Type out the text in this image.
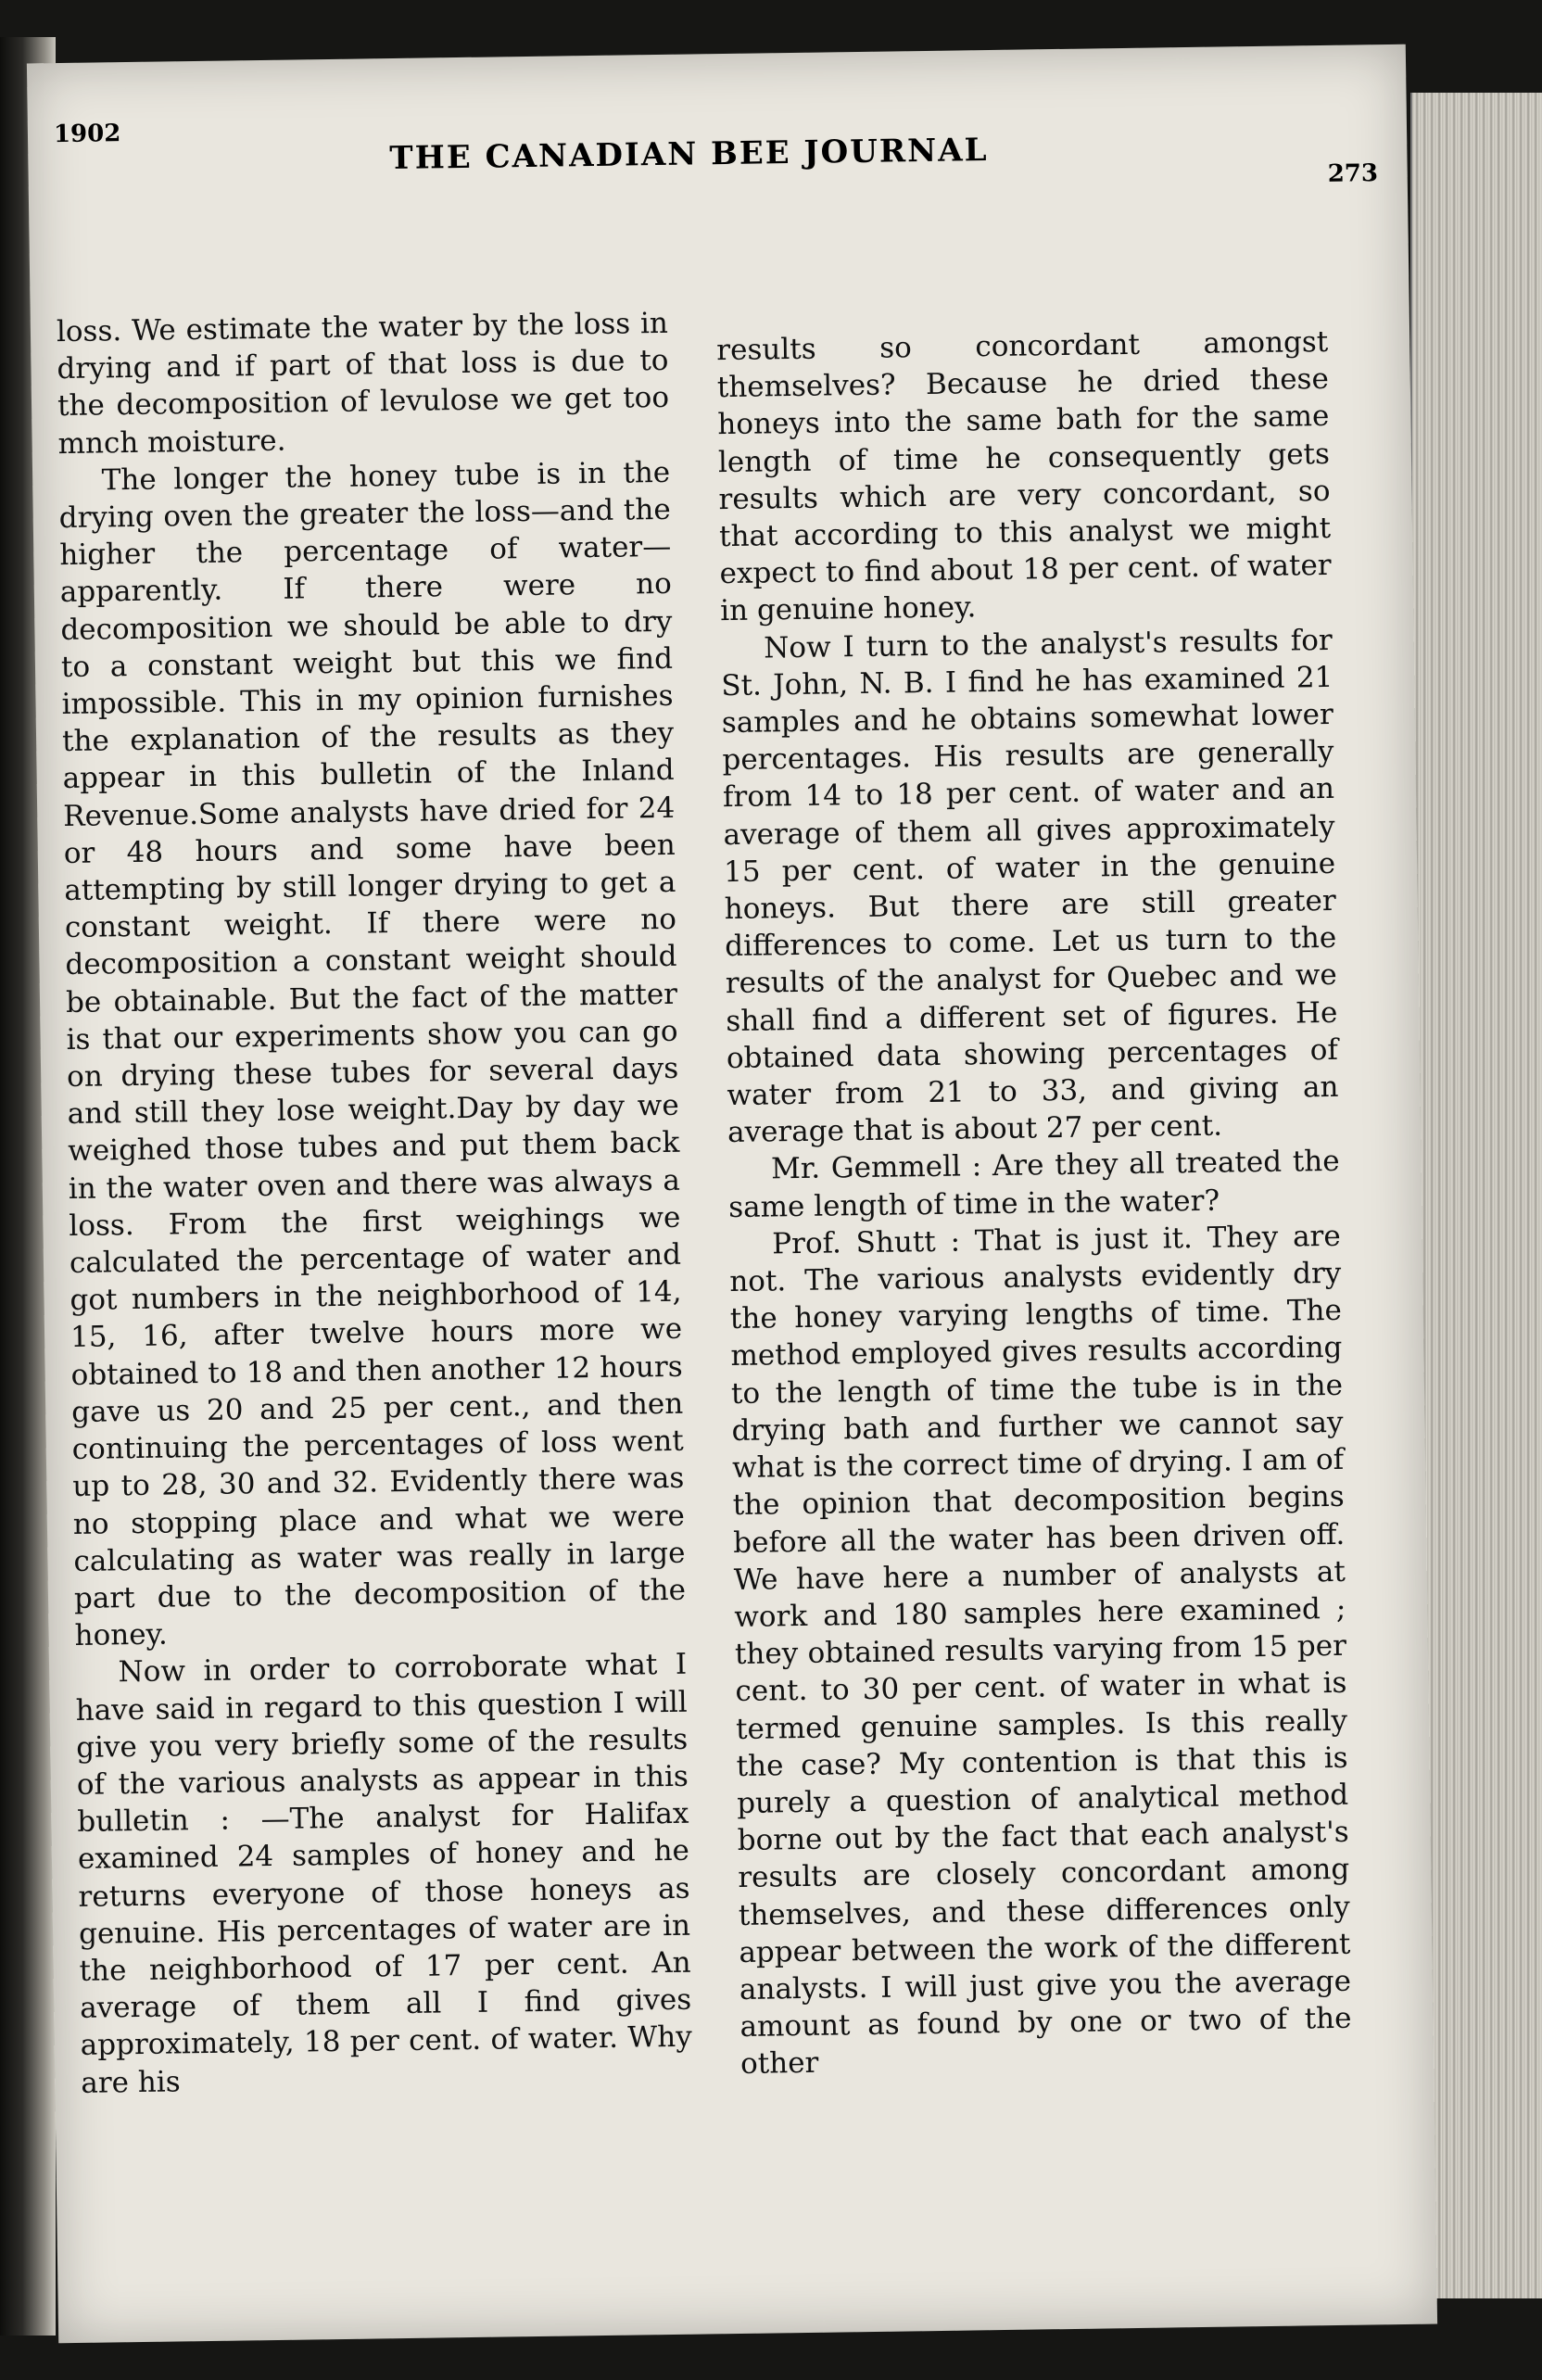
1902	THE CANADIAN BEE JOURNAL	273

loss. We estimate the water by the loss in drying and if part of that loss is due to the decomposition of levulose we get too mnch moisture.

The longer the honey tube is in the drying oven the greater the loss—and the higher the percentage of water—apparently. If there were no decomposition we should be able to dry to a constant weight but this we find impossible. This in my opinion furnishes the explanation of the results as they appear in this bulletin of the Inland Revenue.Some analysts have dried for 24 or 48 hours and some have been attempting by still longer drying to get a constant weight. If there were no decomposition a constant weight should be obtainable. But the fact of the matter is that our experiments show you can go on drying these tubes for several days and still they lose weight.Day by day we weighed those tubes and put them back in the water oven and there was always a loss. From the first weighings we calculated the percentage of water and got numbers in the neighborhood of 14, 15, 16, after twelve hours more we obtained to 18 and then another 12 hours gave us 20 and 25 per cent., and then continuing the percentages of loss went up to 28, 30 and 32. Evidently there was no stopping place and what we were calculating as water was really in large part due to the decomposition of the honey.

Now in order to corroborate what I have said in regard to this question I will give you very briefly some of the results of the various analysts as appear in this bulletin : —The analyst for Halifax examined 24 samples of honey and he returns everyone of those honeys as genuine. His percentages of water are in the neighborhood of 17 per cent. An average of them all I find gives approximately, 18 per cent. of water. Why are his

results so concordant amongst themselves? Because he dried these honeys into the same bath for the same length of time he consequently gets results which are very concordant, so that according to this analyst we might expect to find about 18 per cent. of water in genuine honey.

Now I turn to the analyst's results for St. John, N. B. I find he has examined 21 samples and he obtains somewhat lower percentages. His results are generally from 14 to 18 per cent. of water and an average of them all gives approximately 15 per cent. of water in the genuine honeys. But there are still greater differences to come. Let us turn to the results of the analyst for Quebec and we shall find a different set of figures. He obtained data showing percentages of water from 21 to 33, and giving an average that is about 27 per cent.

Mr. Gemmell : Are they all treated the same length of time in the water?

Prof. Shutt : That is just it. They are not. The various analysts evidently dry the honey varying lengths of time. The method employed gives results according to the length of time the tube is in the drying bath and further we cannot say what is the correct time of drying. I am of the opinion that decomposition begins before all the water has been driven off. We have here a number of analysts at work and 180 samples here examined ; they obtained results varying from 15 per cent. to 30 per cent. of water in what is termed genuine samples. Is this really the case? My contention is that this is purely a question of analytical method borne out by the fact that each analyst's results are closely concordant among themselves, and these differences only appear between the work of the different analysts. I will just give you the average amount as found by one or two of the other
